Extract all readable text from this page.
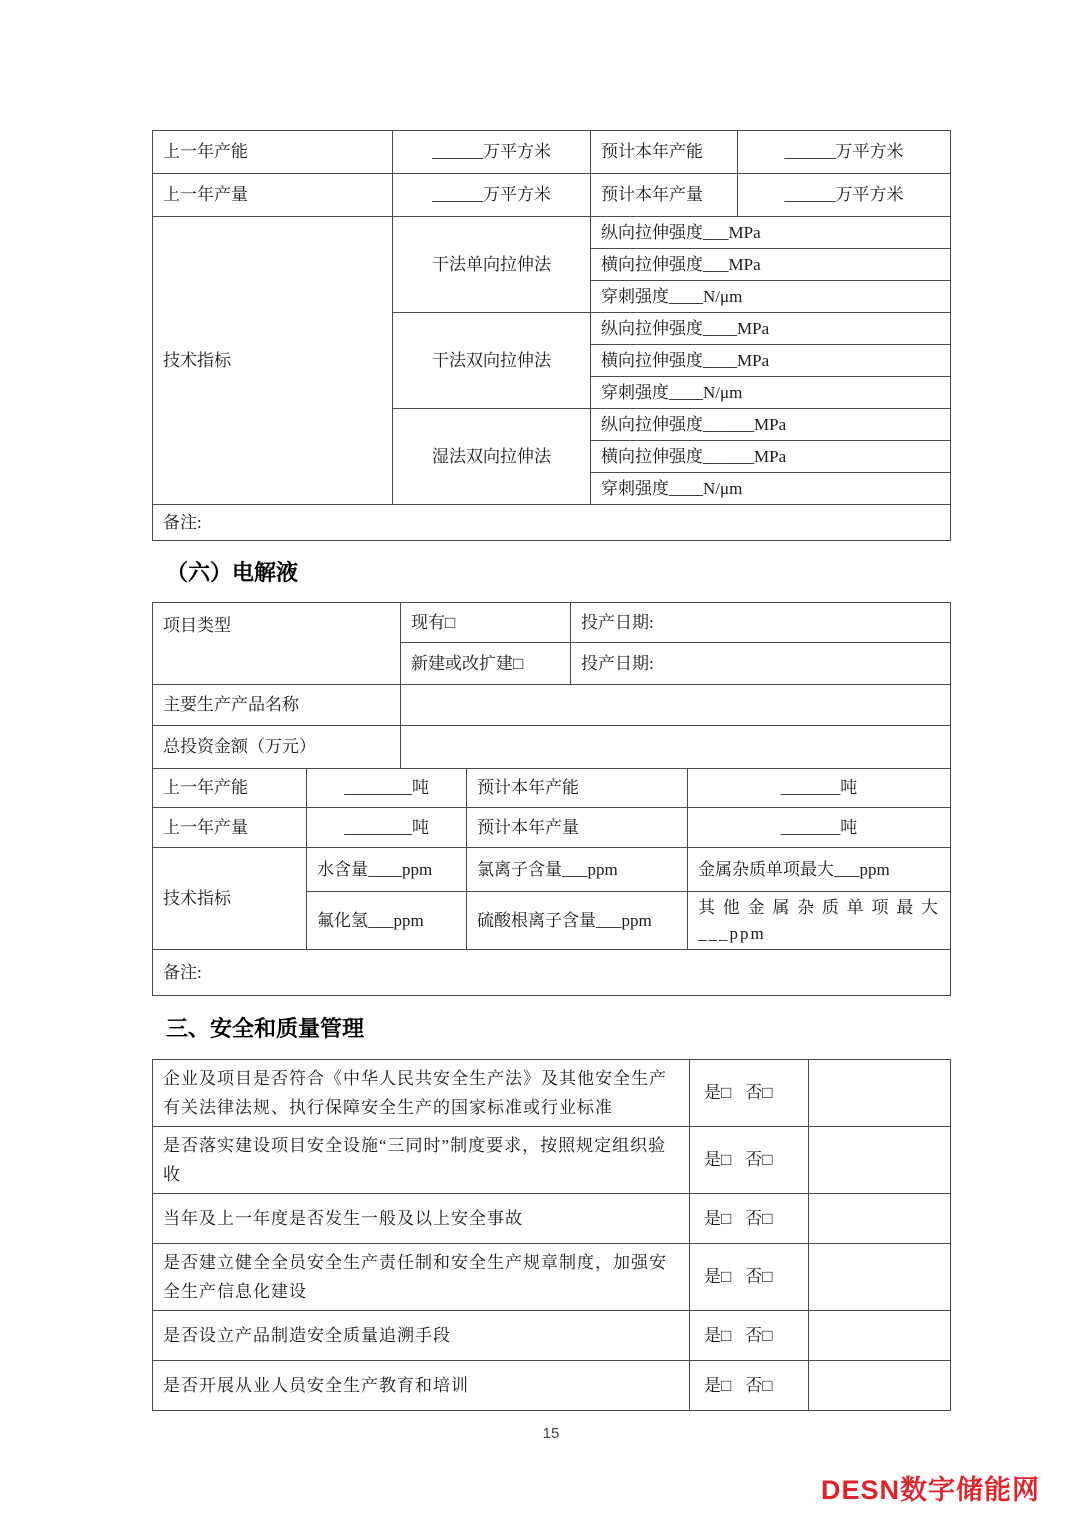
上一年产能	______万平方米	预计本年产能	______万平方米
上一年产量	______万平方米	预计本年产量	______万平方米
技术指标	干法单向拉伸法	纵向拉伸强度___MPa	
		横向拉伸强度___MPa	
		穿刺强度____N/μm	
	干法双向拉伸法	纵向拉伸强度____MPa	
		横向拉伸强度____MPa	
		穿刺强度____N/μm	
	湿法双向拉伸法	纵向拉伸强度______MPa	
		横向拉伸强度______MPa	
		穿刺强度____N/μm	
备注:			
（六）电解液
项目类型	现有□	投产日期:
	新建或改扩建□	投产日期:
主要生产产品名称		
总投资金额（万元）		
上一年产能	________吨	预计本年产能	_______吨
上一年产量	________吨	预计本年产量	_______吨
技术指标	水含量____ppm	氯离子含量___ppm	金属杂质单项最大___ppm
	氟化氢___ppm	硫酸根离子含量___ppm	其他金属杂质单项最大___ppm
备注:			
三、安全和质量管理
企业及项目是否符合《中华人民共安全生产法》及其他安全生产有关法律法规、执行保障安全生产的国家标准或行业标准	是□ 否□	
是否落实建设项目安全设施“三同时”制度要求，按照规定组织验收	是□ 否□	
当年及上一年度是否发生一般及以上安全事故	是□ 否□	
是否建立健全全员安全生产责任制和安全生产规章制度，加强安全生产信息化建设	是□ 否□	
是否设立产品制造安全质量追溯手段	是□ 否□	
是否开展从业人员安全生产教育和培训	是□ 否□	
15
DESN数字储能网
